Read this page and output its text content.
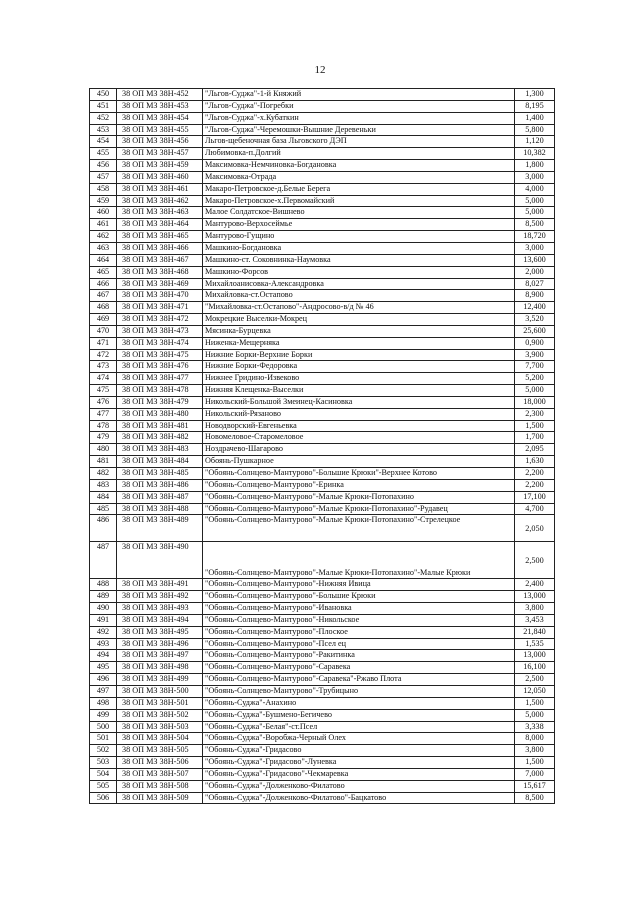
12
450	38 ОП МЗ 38Н-452	"Льгов-Суджа"-1-й Княжий	1,300
451	38 ОП МЗ 38Н-453	"Льгов-Суджа"-Погребки	8,195
452	38 ОП МЗ 38Н-454	"Льгов-Суджа"-х.Кубаткин	1,400
453	38 ОП МЗ 38Н-455	"Льгов-Суджа"-Черемошки-Вышние Деревеньки	5,800
454	38 ОП МЗ 38Н-456	Льгов-щебеночная база Льговского ДЭП	1,120
455	38 ОП МЗ 38Н-457	Любимовка-п.Долгий	10,382
456	38 ОП МЗ 38Н-459	Максимовка-Немчиновка-Богдановка	1,800
457	38 ОП МЗ 38Н-460	Максимовка-Отрада	3,000
458	38 ОП МЗ 38Н-461	Макаро-Петровское-д.Белые Берега	4,000
459	38 ОП МЗ 38Н-462	Макаро-Петровское-х.Первомайский	5,000
460	38 ОП МЗ 38Н-463	Малое Солдатское-Вишнево	5,000
461	38 ОП МЗ 38Н-464	Мантурово-Верхосеймье	8,500
462	38 ОП МЗ 38Н-465	Мантурово-Гущино	18,720
463	38 ОП МЗ 38Н-466	Машкино-Богдановка	3,000
464	38 ОП МЗ 38Н-467	Машкино-ст. Соковнинка-Наумовка	13,600
465	38 ОП МЗ 38Н-468	Машкино-Форсов	2,000
466	38 ОП МЗ 38Н-469	Михайлоанисовка-Александровка	8,027
467	38 ОП МЗ 38Н-470	Михайловка-ст.Остапово	8,900
468	38 ОП МЗ 38Н-471	"Михайловка-ст.Остапово"-Андросово-в/д № 46	12,400
469	38 ОП МЗ 38Н-472	Мокрецкие Выселки-Мокрец	3,520
470	38 ОП МЗ 38Н-473	Мясинка-Бурцевка	25,600
471	38 ОП МЗ 38Н-474	Ниженка-Мещерняка	0,900
472	38 ОП МЗ 38Н-475	Нижние Борки-Верхние Борки	3,900
473	38 ОП МЗ 38Н-476	Нижние Борки-Федоровка	7,700
474	38 ОП МЗ 38Н-477	Нижнее Гридино-Извеково	5,200
475	38 ОП МЗ 38Н-478	Нижняя Клещенка-Выселки	5,000
476	38 ОП МЗ 38Н-479	Никольский-Большой Змеинец-Касиновка	18,000
477	38 ОП МЗ 38Н-480	Никольский-Рязаново	2,300
478	38 ОП МЗ 38Н-481	Новодворский-Евгеньевка	1,500
479	38 ОП МЗ 38Н-482	Новомеловое-Старомеловое	1,700
480	38 ОП МЗ 38Н-483	Ноздрачево-Шагарово	2,095
481	38 ОП МЗ 38Н-484	Обоянь-Пушкарное	1,630
482	38 ОП МЗ 38Н-485	"Обоянь-Солнцево-Мантурово"-Большие Крюки"-Верхнее Котово	2,200
483	38 ОП МЗ 38Н-486	"Обоянь-Солнцево-Мантурово"-Еринка	2,200
484	38 ОП МЗ 38Н-487	"Обоянь-Солнцево-Мантурово"-Малые Крюки-Потопахино	17,100
485	38 ОП МЗ 38Н-488	"Обоянь-Солнцево-Мантурово"-Малые Крюки-Потопахино"-Рудавец	4,700
486	38 ОП МЗ 38Н-489	"Обоянь-Солнцево-Мантурово"-Малые Крюки-Потопахино"-Стрелецкое	2,050
487	38 ОП МЗ 38Н-490	"Обоянь-Солнцево-Мантурово"-Малые Крюки-Потопахино"-Малые Крюки	2,500
488	38 ОП МЗ 38Н-491	"Обоянь-Солнцево-Мантурово"-Нижняя Ивица	2,400
489	38 ОП МЗ 38Н-492	"Обоянь-Солнцево-Мантурово"-Большие Крюки	13,000
490	38 ОП МЗ 38Н-493	"Обоянь-Солнцево-Мантурово"-Ивановка	3,800
491	38 ОП МЗ 38Н-494	"Обоянь-Солнцево-Мантурово"-Никольское	3,453
492	38 ОП МЗ 38Н-495	"Обоянь-Солнцево-Мантурово"-Плоское	21,840
493	38 ОП МЗ 38Н-496	"Обоянь-Солнцево-Мантурово"-Псел ец	1,535
494	38 ОП МЗ 38Н-497	"Обоянь-Солнцево-Мантурово"-Ракитинка	13,000
495	38 ОП МЗ 38Н-498	"Обоянь-Солнцево-Мантурово"-Саравека	16,100
496	38 ОП МЗ 38Н-499	"Обоянь-Солнцево-Мантурово"-Саравека"-Ржаво Плота	2,500
497	38 ОП МЗ 38Н-500	"Обоянь-Солнцево-Мантурово"-Трубицыно	12,050
498	38 ОП МЗ 38Н-501	"Обоянь-Суджа"-Анахино	1,500
499	38 ОП МЗ 38Н-502	"Обоянь-Суджа"-Бушмено-Бегичево	5,000
500	38 ОП МЗ 38Н-503	"Обоянь-Суджа"-Белая"-ст.Псел	3,338
501	38 ОП МЗ 38Н-504	"Обоянь-Суджа"-Воробжа-Черный Олех	8,000
502	38 ОП МЗ 38Н-505	"Обоянь-Суджа"-Гридасово	3,800
503	38 ОП МЗ 38Н-506	"Обоянь-Суджа"-Гридасово"-Луневка	1,500
504	38 ОП МЗ 38Н-507	"Обоянь-Суджа"-Гридасово"-Чекмаревка	7,000
505	38 ОП МЗ 38Н-508	"Обоянь-Суджа"-Долженково-Филатово	15,617
506	38 ОП МЗ 38Н-509	"Обоянь-Суджа"-Долженково-Филатово"-Бацкатово	8,500
